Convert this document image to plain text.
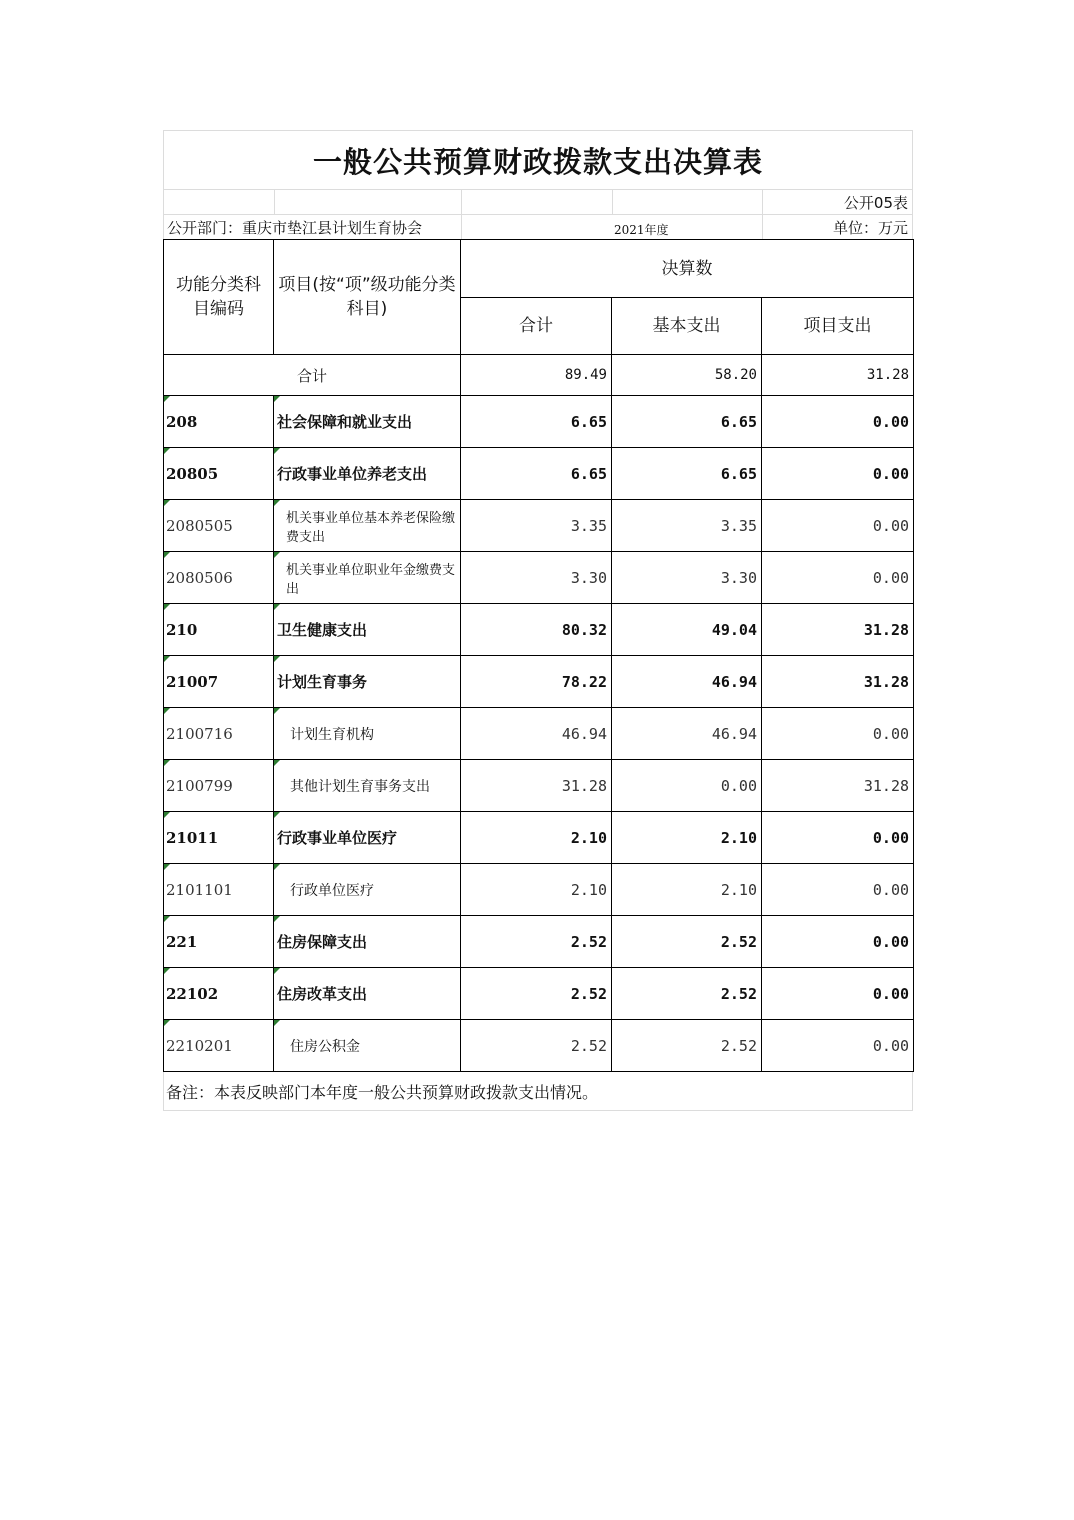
一般公共预算财政拨款支出决算表
公开05表
公开部门：重庆市垫江县计划生育协会	2021年度	单位：万元
功能分类科目编码	项目(按“项”级功能分类科目)	决算数		
		合计	基本支出	项目支出
合计		89.49	58.20	31.28

208	社会保障和就业支出	6.65	6.65	0.00

20805	行政事业单位养老支出	6.65	6.65	0.00

2080505	机关事业单位基本养老保险缴费支出	3.35	3.35	0.00

2080506	机关事业单位职业年金缴费支出	3.30	3.30	0.00

210	卫生健康支出	80.32	49.04	31.28

21007	计划生育事务	78.22	46.94	31.28

2100716	计划生育机构	46.94	46.94	0.00

2100799	其他计划生育事务支出	31.28	0.00	31.28

21011	行政事业单位医疗	2.10	2.10	0.00

2101101	行政单位医疗	2.10	2.10	0.00

221	住房保障支出	2.52	2.52	0.00

22102	住房改革支出	2.52	2.52	0.00

2210201	住房公积金	2.52	2.52	0.00
备注：本表反映部门本年度一般公共预算财政拨款支出情况。
